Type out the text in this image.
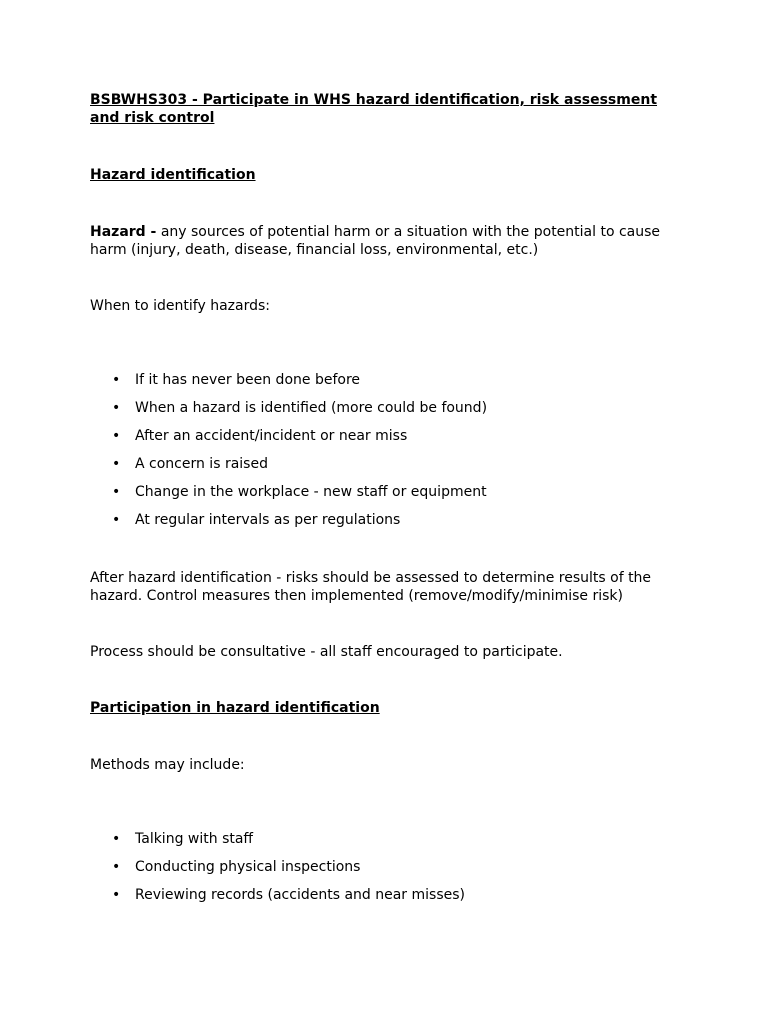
BSBWHS303 - Participate in WHS hazard identification, risk assessment and risk control
Hazard identification
Hazard - any sources of potential harm or a situation with the potential to cause harm (injury, death, disease, financial loss, environmental, etc.)
When to identify hazards:
• If it has never been done before
• When a hazard is identified (more could be found)
• After an accident/incident or near miss
• A concern is raised
• Change in the workplace - new staff or equipment
• At regular intervals as per regulations
After hazard identification - risks should be assessed to determine results of the hazard. Control measures then implemented (remove/modify/minimise risk)
Process should be consultative - all staff encouraged to participate.
Participation in hazard identification
Methods may include:
• Talking with staff
• Conducting physical inspections
• Reviewing records (accidents and near misses)
